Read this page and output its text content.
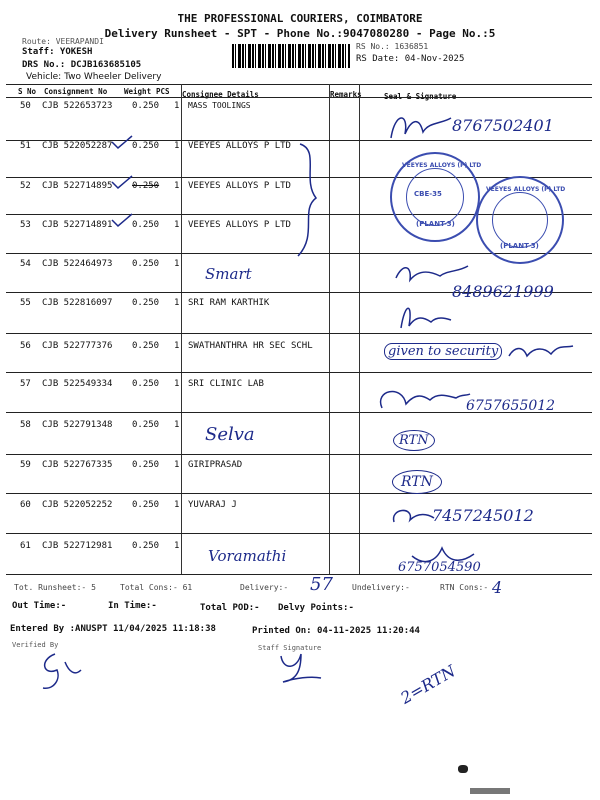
THE PROFESSIONAL COURIERS, COIMBATORE
Delivery Runsheet - SPT - Phone No.:9047080280 - Page No.:5
Route: VEERAPANDI
Staff: YOKESH
DRS No.: DCJB163685105
Vehicle: Two Wheeler Delivery
RS No.: 1636851
RS Date: 04-Nov-2025
S No Consignment No Weight PCS Consignee Details	Remarks	Seal & Signature
50 CJB 522653723 0.250 1 MASS TOOLINGS
51 CJB 522052287 0.250 1 VEEYES ALLOYS P LTD
52 CJB 522714895 0.250 1 VEEYES ALLOYS P LTD
53 CJB 522714891 0.250 1 VEEYES ALLOYS P LTD
54 CJB 522464973 0.250 1
55 CJB 522816097 0.250 1 SRI RAM KARTHIK
56 CJB 522777376 0.250 1 SWATHANTHRA HR SEC SCHL
57 CJB 522549334 0.250 1 SRI CLINIC LAB
58 CJB 522791348 0.250 1
59 CJB 522767335 0.250 1 GIRIPRASAD
60 CJB 522052252 0.250 1 YUVARAJ J
61 CJB 522712981 0.250 1
8767502401
VEEYES ALLOYS (P) LTD
CBE-35
(PLANT-3)
VEEYES ALLOYS (P) LTD
(PLANT-3)
Smart
8489621999
given to security
6757655012
Selva	RTN
RTN
7457245012
Voramathi
6757054590
Tot. Runsheet:- 5	Total Cons:- 61	Delivery:- 57 Undelivery:-	RTN Cons:- 4
Out Time:-	In Time:-	Total POD:- Delvy Points:-
Entered By :ANUSPT 11/04/2025 11:18:38	Printed On: 04-11-2025 11:20:44
Verified By	Staff Signature
2=RTN
